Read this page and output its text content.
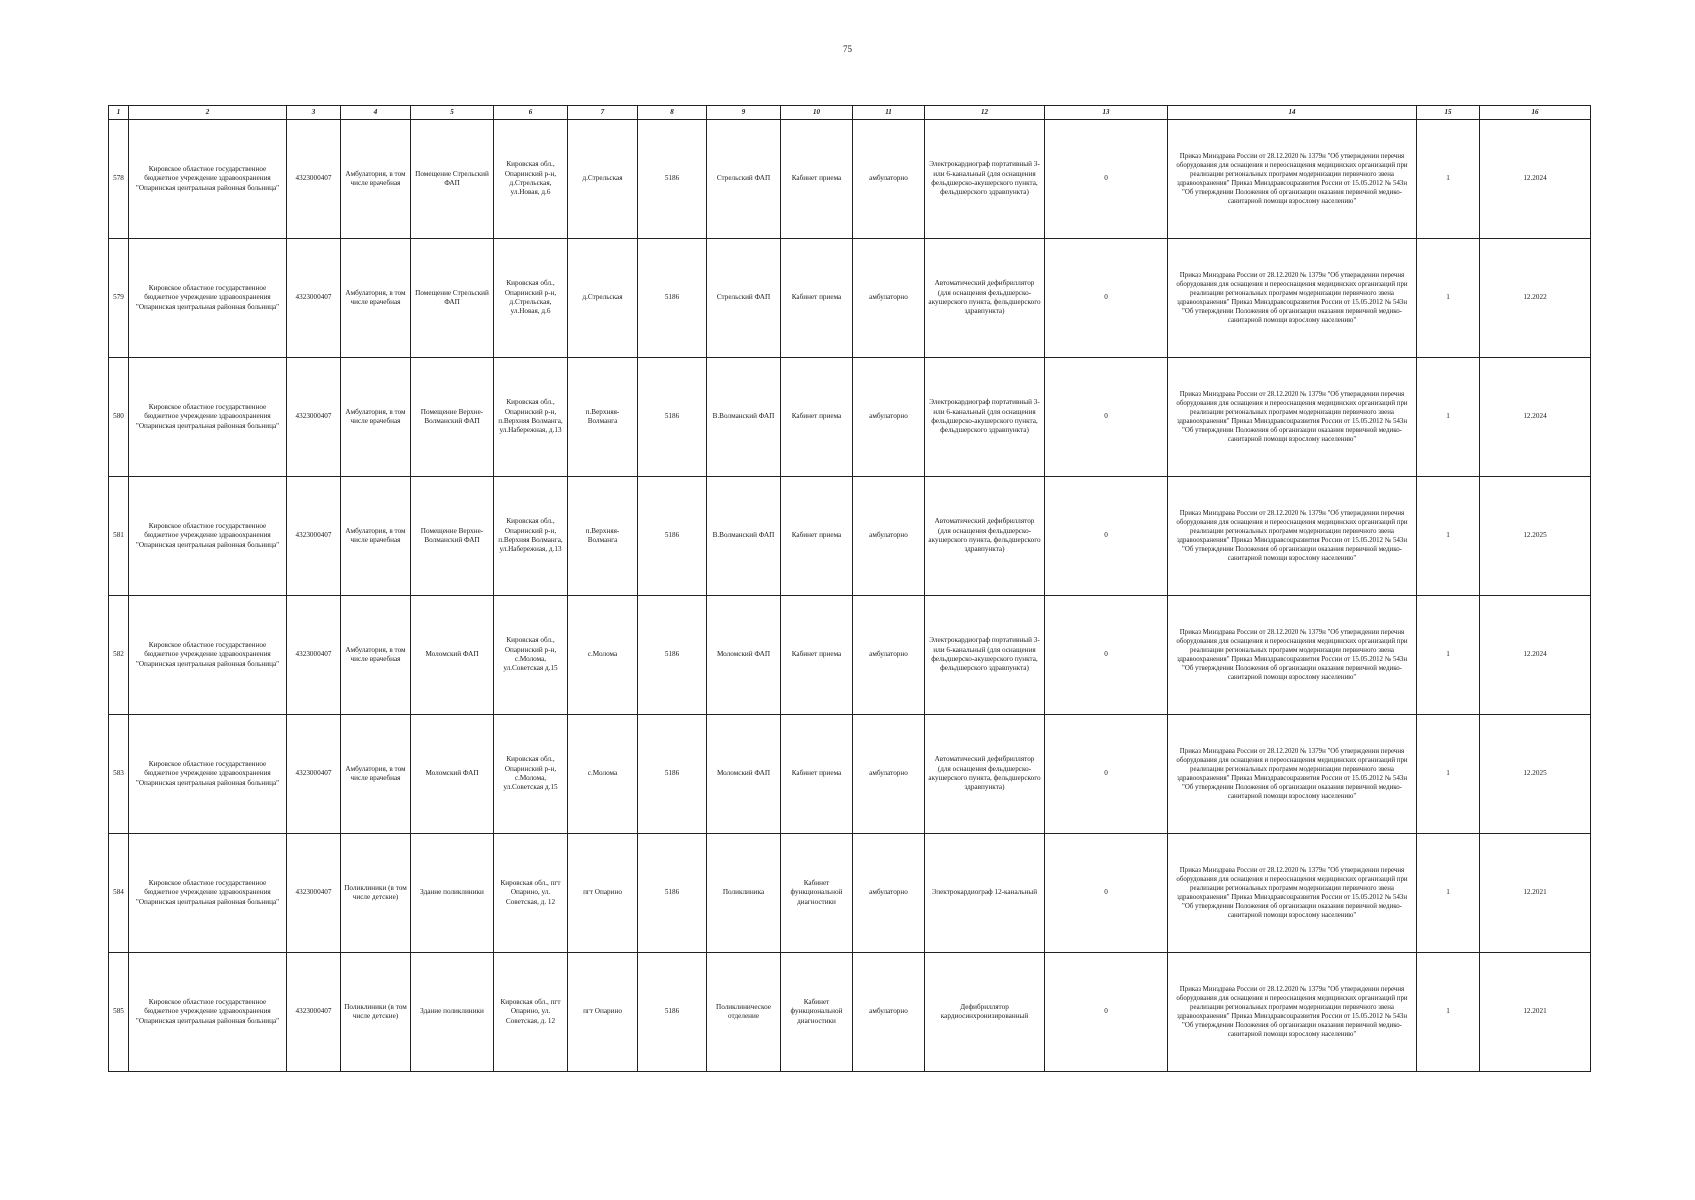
75
1	2	3	4	5	6	7	8	9	10	11	12	13	14	15	16
578	Кировское областное государственное бюджетное учреждение здравоохранения "Опаринская центральная районная больница"	4323000407	Амбулатория, в том числе врачебная	Помещение Стрельский ФАП	Кировская обл., Опаринский р-н, д.Стрельская, ул.Новая, д.6	д.Стрельская	5186	Стрельский ФАП	Кабинет приема	амбулаторно	Электрокардиограф портативный 3- или 6-канальный (для оснащения фельдшерско-акушерского пункта, фельдшерского здравпункта)	0	Приказ Минздрава России от 28.12.2020 № 1379н "Об утверждении перечня оборудования для оснащения и переоснащения медицинских организаций при реализации региональных программ модернизации первичного звена здравоохранения" Приказ Минздравсоцразвития России от 15.05.2012 № 543н "Об утверждении Положения об организации оказания первичной медико-санитарной помощи взрослому населению"	1	12.2024
579	Кировское областное государственное бюджетное учреждение здравоохранения "Опаринская центральная районная больница"	4323000407	Амбулатория, в том числе врачебная	Помещение Стрельский ФАП	Кировская обл., Опаринский р-н, д.Стрельская, ул.Новая, д.6	д.Стрельская	5186	Стрельский ФАП	Кабинет приема	амбулаторно	Автоматический дефибриллятор (для оснащения фельдшерско-акушерского пункта, фельдшерского здравпункта)	0	Приказ Минздрава России от 28.12.2020 № 1379н "Об утверждении перечня оборудования для оснащения и переоснащения медицинских организаций при реализации региональных программ модернизации первичного звена здравоохранения" Приказ Минздравсоцразвития России от 15.05.2012 № 543н "Об утверждении Положения об организации оказания первичной медико-санитарной помощи взрослому населению"	1	12.2022
580	Кировское областное государственное бюджетное учреждение здравоохранения "Опаринская центральная районная больница"	4323000407	Амбулатория, в том числе врачебная	Помещение Верхне-Волманский ФАП	Кировская обл., Опаринский р-н, п.Верхняя Волманга, ул.Набережная, д.13	п.Верхняя-Волманга	5186	В.Волманский ФАП	Кабинет приема	амбулаторно	Электрокардиограф портативный 3- или 6-канальный (для оснащения фельдшерско-акушерского пункта, фельдшерского здравпункта)	0	Приказ Минздрава России от 28.12.2020 № 1379н "Об утверждении перечня оборудования для оснащения и переоснащения медицинских организаций при реализации региональных программ модернизации первичного звена здравоохранения" Приказ Минздравсоцразвития России от 15.05.2012 № 543н "Об утверждении Положения об организации оказания первичной медико-санитарной помощи взрослому населению"	1	12.2024
581	Кировское областное государственное бюджетное учреждение здравоохранения "Опаринская центральная районная больница"	4323000407	Амбулатория, в том числе врачебная	Помещение Верхне-Волманский ФАП	Кировская обл., Опаринский р-н, п.Верхняя Волманга, ул.Набережная, д.13	п.Верхняя-Волманга	5186	В.Волманский ФАП	Кабинет приема	амбулаторно	Автоматический дефибриллятор (для оснащения фельдшерско-акушерского пункта, фельдшерского здравпункта)	0	Приказ Минздрава России от 28.12.2020 № 1379н "Об утверждении перечня оборудования для оснащения и переоснащения медицинских организаций при реализации региональных программ модернизации первичного звена здравоохранения" Приказ Минздравсоцразвития России от 15.05.2012 № 543н "Об утверждении Положения об организации оказания первичной медико-санитарной помощи взрослому населению"	1	12.2025
582	Кировское областное государственное бюджетное учреждение здравоохранения "Опаринская центральная районная больница"	4323000407	Амбулатория, в том числе врачебная	Моломский ФАП	Кировская обл., Опаринский р-н, с.Молома, ул.Советская д.15	с.Молома	5186	Моломский ФАП	Кабинет приема	амбулаторно	Электрокардиограф портативный 3- или 6-канальный (для оснащения фельдшерско-акушерского пункта, фельдшерского здравпункта)	0	Приказ Минздрава России от 28.12.2020 № 1379н "Об утверждении перечня оборудования для оснащения и переоснащения медицинских организаций при реализации региональных программ модернизации первичного звена здравоохранения" Приказ Минздравсоцразвития России от 15.05.2012 № 543н "Об утверждении Положения об организации оказания первичной медико-санитарной помощи взрослому населению"	1	12.2024
583	Кировское областное государственное бюджетное учреждение здравоохранения "Опаринская центральная районная больница"	4323000407	Амбулатория, в том числе врачебная	Моломский ФАП	Кировская обл., Опаринский р-н, с.Молома, ул.Советская д.15	с.Молома	5186	Моломский ФАП	Кабинет приема	амбулаторно	Автоматический дефибриллятор (для оснащения фельдшерско-акушерского пункта, фельдшерского здравпункта)	0	Приказ Минздрава России от 28.12.2020 № 1379н "Об утверждении перечня оборудования для оснащения и переоснащения медицинских организаций при реализации региональных программ модернизации первичного звена здравоохранения" Приказ Минздравсоцразвития России от 15.05.2012 № 543н "Об утверждении Положения об организации оказания первичной медико-санитарной помощи взрослому населению"	1	12.2025
584	Кировское областное государственное бюджетное учреждение здравоохранения "Опаринская центральная районная больница"	4323000407	Поликлиники (в том числе детские)	Здание поликлиники	Кировская обл., пгт Опарино, ул. Советская, д. 12	пгт Опарино	5186	Поликлиника	Кабинет функциональной диагностики	амбулаторно	Электрокардиограф 12-канальный	0	Приказ Минздрава России от 28.12.2020 № 1379н "Об утверждении перечня оборудования для оснащения и переоснащения медицинских организаций при реализации региональных программ модернизации первичного звена здравоохранения" Приказ Минздравсоцразвития России от 15.05.2012 № 543н "Об утверждении Положения об организации оказания первичной медико-санитарной помощи взрослому населению"	1	12.2021
585	Кировское областное государственное бюджетное учреждение здравоохранения "Опаринская центральная районная больница"	4323000407	Поликлиники (в том числе детские)	Здание поликлиники	Кировская обл., пгт Опарино, ул. Советская, д. 12	пгт Опарино	5186	Поликлиническое отделение	Кабинет функциональной диагностики	амбулаторно	Дефибриллятор кардиосинхронизированный	0	Приказ Минздрава России от 28.12.2020 № 1379н "Об утверждении перечня оборудования для оснащения и переоснащения медицинских организаций при реализации региональных программ модернизации первичного звена здравоохранения" Приказ Минздравсоцразвития России от 15.05.2012 № 543н "Об утверждении Положения об организации оказания первичной медико-санитарной помощи взрослому населению"	1	12.2021
